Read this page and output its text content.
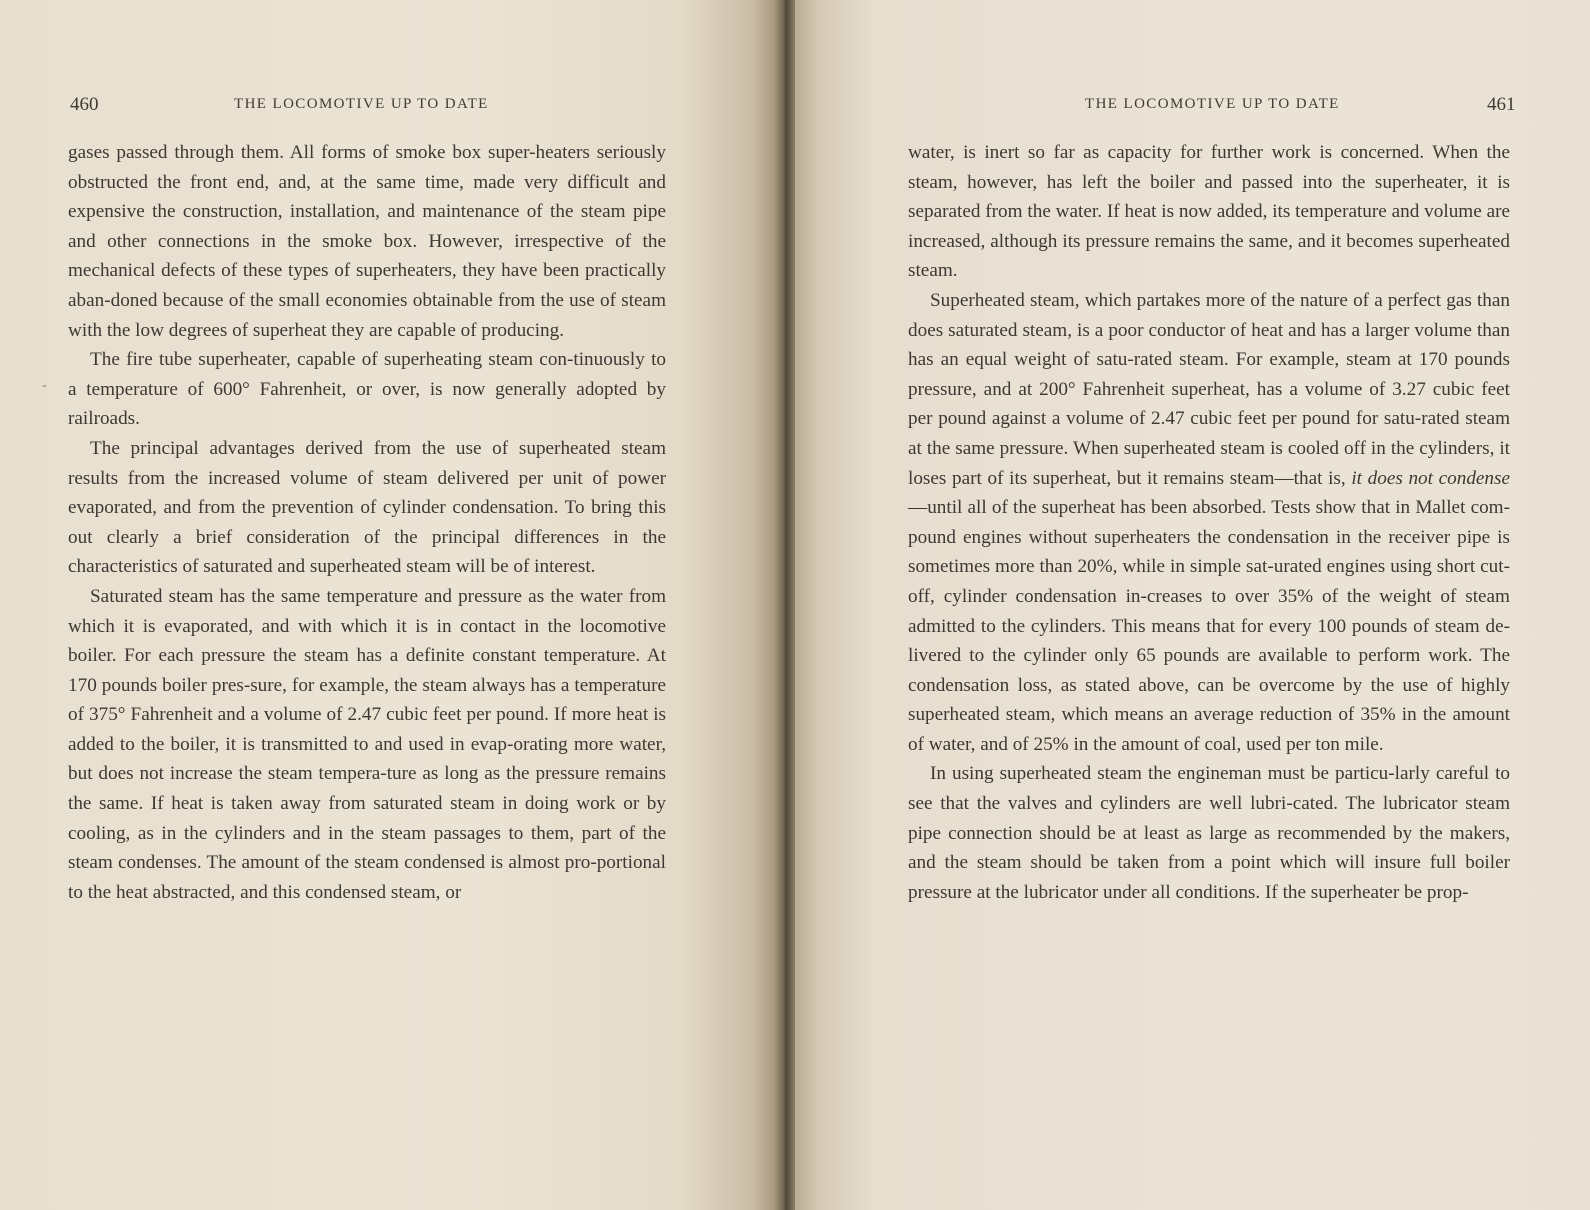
460	THE LOCOMOTIVE UP TO DATE

gases passed through them. All forms of smoke box super-heaters seriously obstructed the front end, and, at the same time, made very difficult and expensive the construction, installation, and maintenance of the steam pipe and other connections in the smoke box. However, irrespective of the mechanical defects of these types of superheaters, they have been practically aban-doned because of the small economies obtainable from the use of steam with the low degrees of superheat they are capable of producing.

The fire tube superheater, capable of superheating steam con-tinuously to a temperature of 600° Fahrenheit, or over, is now generally adopted by railroads.

The principal advantages derived from the use of superheated steam results from the increased volume of steam delivered per unit of power evaporated, and from the prevention of cylinder condensation. To bring this out clearly a brief consideration of the principal differences in the characteristics of saturated and superheated steam will be of interest.

Saturated steam has the same temperature and pressure as the water from which it is evaporated, and with which it is in contact in the locomotive boiler. For each pressure the steam has a definite constant temperature. At 170 pounds boiler pres-sure, for example, the steam always has a temperature of 375° Fahrenheit and a volume of 2.47 cubic feet per pound. If more heat is added to the boiler, it is transmitted to and used in evap-orating more water, but does not increase the steam tempera-ture as long as the pressure remains the same. If heat is taken away from saturated steam in doing work or by cooling, as in the cylinders and in the steam passages to them, part of the steam condenses. The amount of the steam condensed is almost pro-portional to the heat abstracted, and this condensed steam, or

-
THE LOCOMOTIVE UP TO DATE	461

water, is inert so far as capacity for further work is concerned. When the steam, however, has left the boiler and passed into the superheater, it is separated from the water. If heat is now added, its temperature and volume are increased, although its pressure remains the same, and it becomes superheated steam.

Superheated steam, which partakes more of the nature of a perfect gas than does saturated steam, is a poor conductor of heat and has a larger volume than has an equal weight of satu-rated steam. For example, steam at 170 pounds pressure, and at 200° Fahrenheit superheat, has a volume of 3.27 cubic feet per pound against a volume of 2.47 cubic feet per pound for satu-rated steam at the same pressure. When superheated steam is cooled off in the cylinders, it loses part of its superheat, but it remains steam—that is, it does not condense—until all of the superheat has been absorbed. Tests show that in Mallet com-pound engines without superheaters the condensation in the receiver pipe is sometimes more than 20%, while in simple sat-urated engines using short cut-off, cylinder condensation in-creases to over 35% of the weight of steam admitted to the cylinders. This means that for every 100 pounds of steam de-livered to the cylinder only 65 pounds are available to perform work. The condensation loss, as stated above, can be overcome by the use of highly superheated steam, which means an average reduction of 35% in the amount of water, and of 25% in the amount of coal, used per ton mile.

In using superheated steam the engineman must be particu-larly careful to see that the valves and cylinders are well lubri-cated. The lubricator steam pipe connection should be at least as large as recommended by the makers, and the steam should be taken from a point which will insure full boiler pressure at the lubricator under all conditions. If the superheater be prop-
